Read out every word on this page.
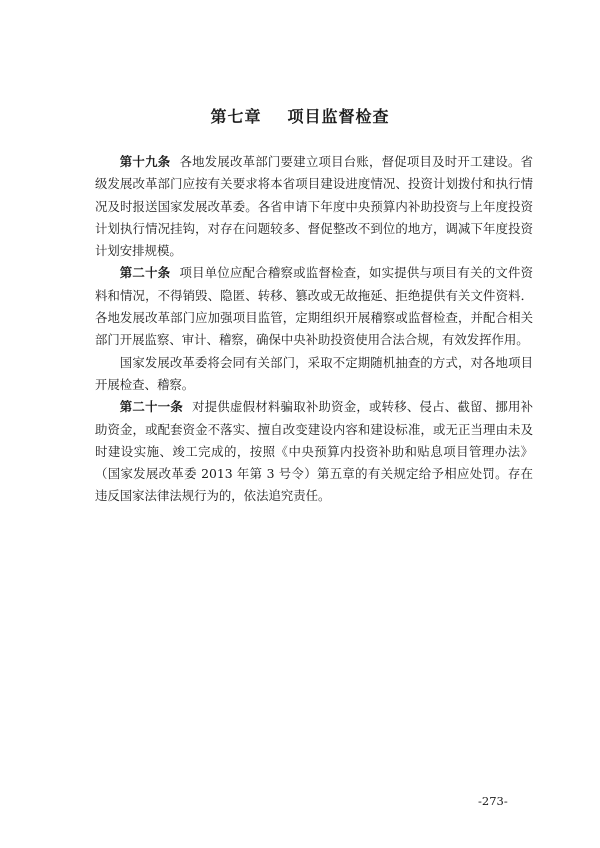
第七章 项目监督检查

第十九条 各地发展改革部门要建立项目台账，督促项目及时开工建设。省级发展改革部门应按有关要求将本省项目建设进度情况、投资计划拨付和执行情况及时报送国家发展改革委。各省申请下年度中央预算内补助投资与上年度投资计划执行情况挂钩，对存在问题较多、督促整改不到位的地方，调减下年度投资计划安排规模。

第二十条 项目单位应配合稽察或监督检查，如实提供与项目有关的文件资料和情况，不得销毁、隐匿、转移、篡改或无故拖延、拒绝提供有关文件资料．各地发展改革部门应加强项目监管，定期组织开展稽察或监督检查，并配合相关部门开展监察、审计、稽察，确保中央补助投资使用合法合规，有效发挥作用。

国家发展改革委将会同有关部门，采取不定期随机抽查的方式，对各地项目开展检查、稽察。

第二十一条 对提供虚假材料骗取补助资金，或转移、侵占、截留、挪用补助资金，或配套资金不落实、擅自改变建设内容和建设标准，或无正当理由未及时建设实施、竣工完成的，按照《中央预算内投资补助和贴息项目管理办法》（国家发展改革委 2013 年第 3 号令）第五章的有关规定给予相应处罚。存在违反国家法律法规行为的，依法追究责任。

-273-
